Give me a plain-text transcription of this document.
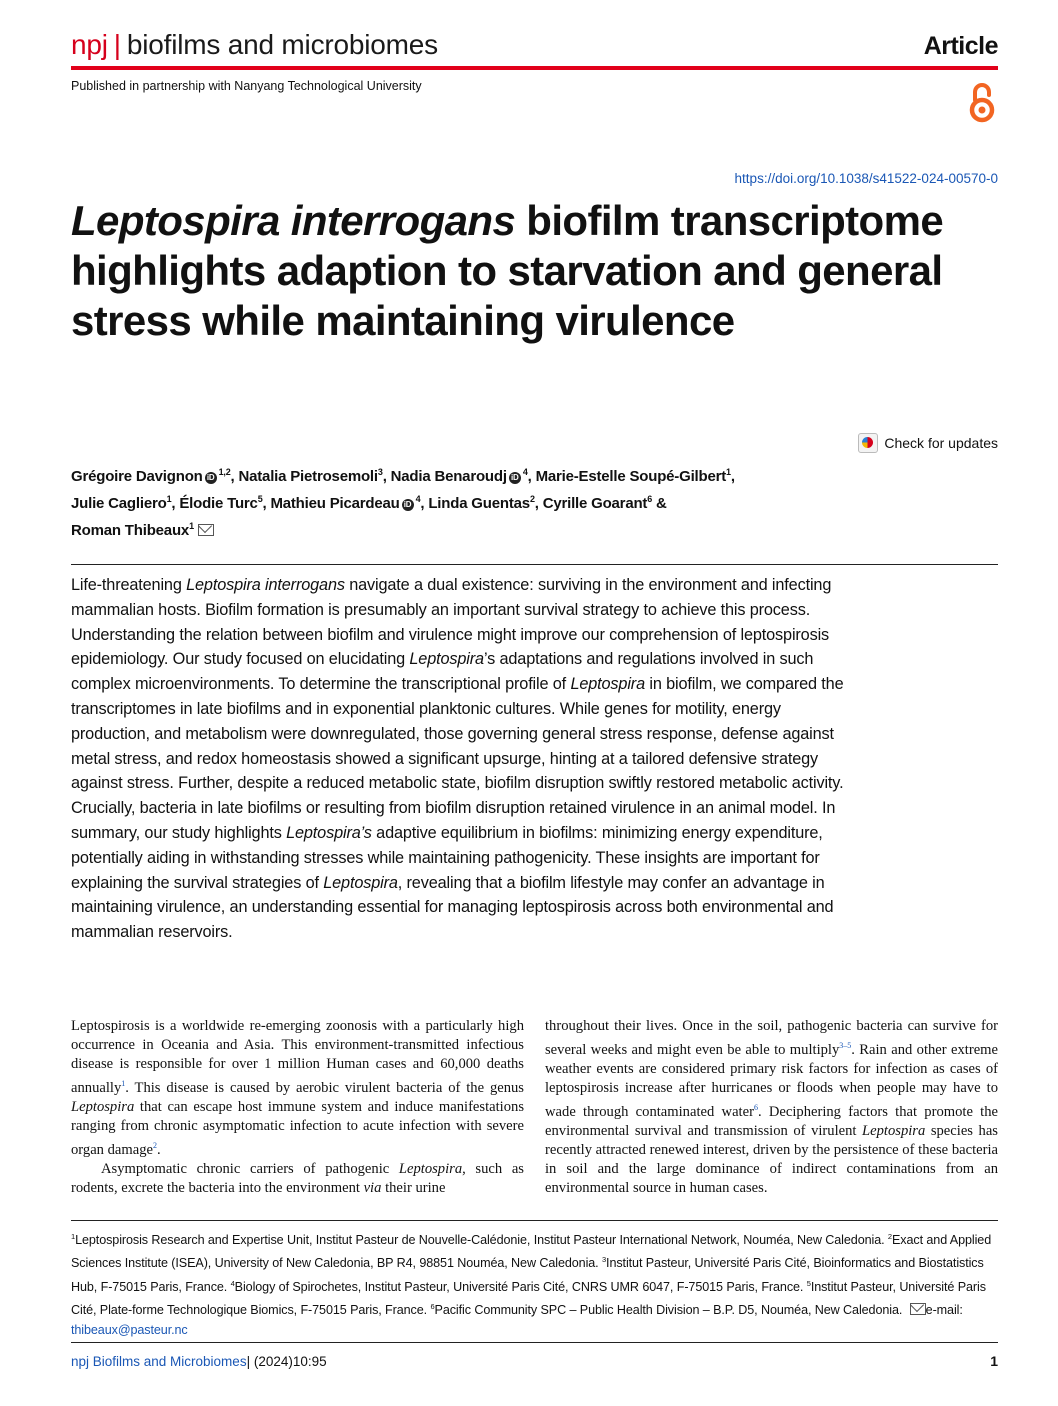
npj | biofilms and microbiomes	Article
Published in partnership with Nanyang Technological University
https://doi.org/10.1038/s41522-024-00570-0
Leptospira interrogans biofilm transcriptome highlights adaption to starvation and general stress while maintaining virulence
Check for updates
Grégoire Davignon iD$^{1,2}$, Natalia Pietrosemoli$^3$, Nadia Benaroudj $iD^4$, Marie-Estelle Soupé-Gilbert$^1$,
Julie Cagliero$^1$, Élodie Turc$^5$, Mathieu Picardeau $iD^4$, Linda Guentas$^2$, Cyrille Goarant$^6$ &
Roman Thibeaux$^1$

Life-threatening Leptospira interrogans navigate a dual existence: surviving in the environment and infecting mammalian hosts. Biofilm formation is presumably an important survival strategy to achieve this process. Understanding the relation between biofilm and virulence might improve our comprehension of leptospirosis epidemiology. Our study focused on elucidating Leptospira’s adaptations and regulations involved in such complex microenvironments. To determine the transcriptional profile of Leptospira in biofilm, we compared the transcriptomes in late biofilms and in exponential planktonic cultures. While genes for motility, energy production, and metabolism were downregulated, those governing general stress response, defense against metal stress, and redox homeostasis showed a significant upsurge, hinting at a tailored defensive strategy against stress. Further, despite a reduced metabolic state, biofilm disruption swiftly restored metabolic activity. Crucially, bacteria in late biofilms or resulting from biofilm disruption retained virulence in an animal model. In summary, our study highlights Leptospira’s adaptive equilibrium in biofilms: minimizing energy expenditure, potentially aiding in withstanding stresses while maintaining pathogenicity. These insights are important for explaining the survival strategies of Leptospira, revealing that a biofilm lifestyle may confer an advantage in maintaining virulence, an understanding essential for managing leptospirosis across both environmental and mammalian reservoirs.

Leptospirosis is a worldwide re-emerging zoonosis with a particularly high occurrence in Oceania and Asia. This environment-transmitted infectious disease is responsible for over 1 million Human cases and 60,000 deaths annually$^1$. This disease is caused by aerobic virulent bacteria of the genus Leptospira that can escape host immune system and induce manifestations ranging from chronic asymptomatic infection to acute infection with severe organ damage$^2$.

Asymptomatic chronic carriers of pathogenic Leptospira, such as rodents, excrete the bacteria into the environment via their urine

throughout their lives. Once in the soil, pathogenic bacteria can survive for several weeks and might even be able to multiply$^{3-5}$. Rain and other extreme weather events are considered primary risk factors for infection as cases of leptospirosis increase after hurricanes or floods when people may have to wade through contaminated water$^6$. Deciphering factors that promote the environmental survival and transmission of virulent Leptospira species has recently attracted renewed interest, driven by the persistence of these bacteria in soil and the large dominance of indirect contaminations from an environmental source in human cases.

$^1$Leptospirosis Research and Expertise Unit, Institut Pasteur de Nouvelle-Calédonie, Institut Pasteur International Network, Nouméa, New Caledonia. $^2$Exact and Applied Sciences Institute (ISEA), University of New Caledonia, BP R4, 98851 Nouméa, New Caledonia. $^3$Institut Pasteur, Université Paris Cité, Bioinformatics and Biostatistics Hub, F-75015 Paris, France. $^4$Biology of Spirochetes, Institut Pasteur, Université Paris Cité, CNRS UMR 6047, F-75015 Paris, France. $^5$Institut Pasteur, Université Paris Cité, Plate-forme Technologique Biomics, F-75015 Paris, France. $^6$Pacific Community SPC – Public Health Division – B.P. D5, Nouméa, New Caledonia. e-mail: thibeaux@pasteur.nc

npj Biofilms and Microbiomes| (2024)10:95	1
